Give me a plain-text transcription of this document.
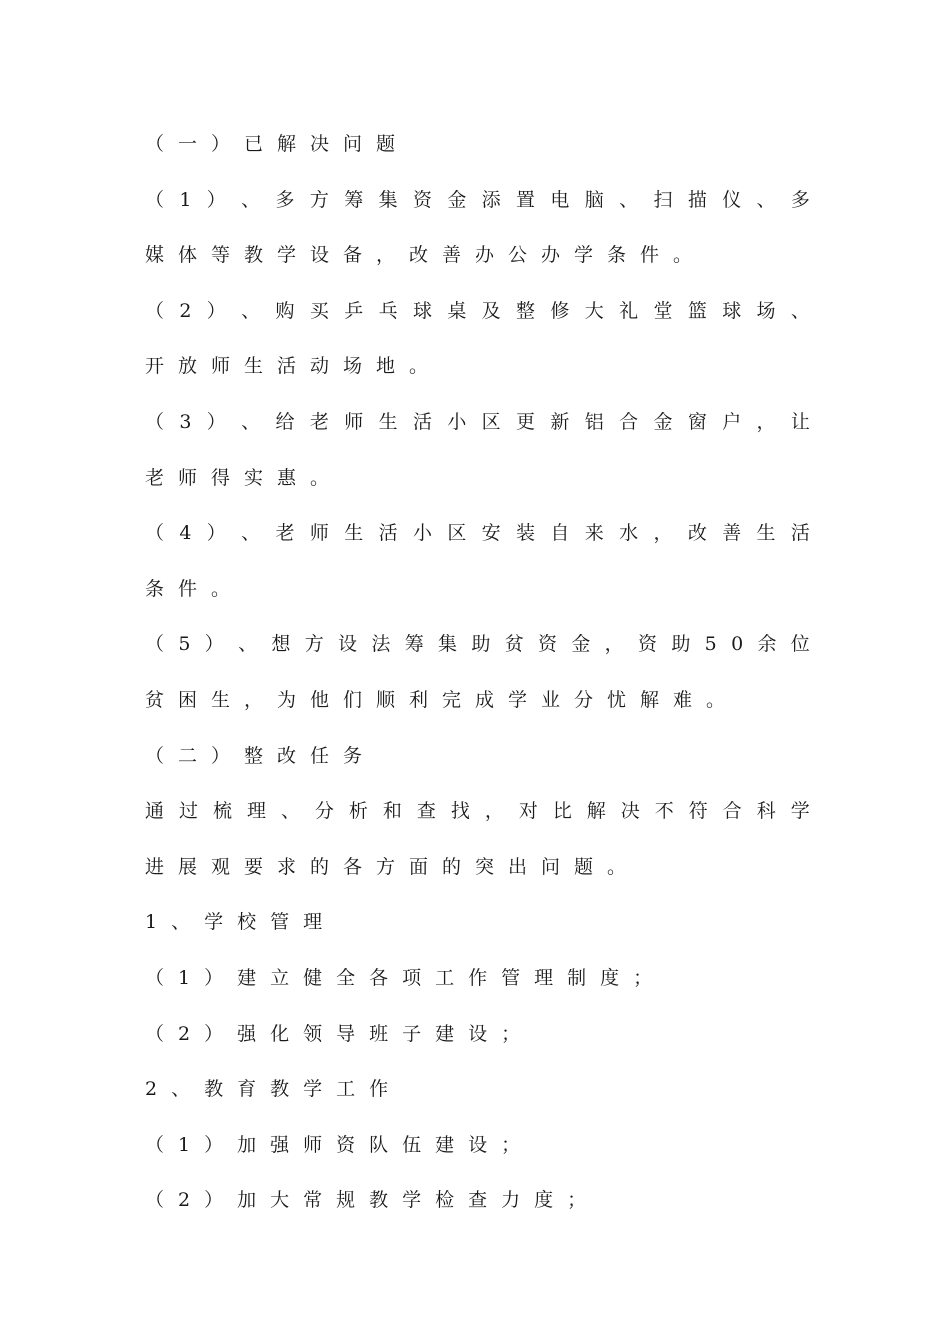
（一）已解决问题
（ 1 ） 、 多 方 筹 集 资 金 添 置 电 脑 、 扫 描 仪 、 多
媒体等教学设备，改善办公办学条件。
（ 2 ） 、 购 买 乒 乓 球 桌 及 整 修 大 礼 堂 篮 球 场 、
开放师生活动场地。
（ 3 ） 、 给 老 师 生 活 小 区 更 新 铝 合 金 窗 户 ， 让
老师得实惠。
（ 4 ） 、 老 师 生 活 小 区 安 装 自 来 水 ， 改 善 生 活
条件。
（ 5 ） 、 想 方 设 法 筹 集 助 贫 资 金 ， 资 助 5 0 余 位
贫困生，为他们顺利完成学业分忧解难。
（二）整改任务
通 过 梳 理 、 分 析 和 查 找 ， 对 比 解 决 不 符 合 科 学
进展观要求的各方面的突出问题。
1、学校管理
（1）建立健全各项工作管理制度；
（2）强化领导班子建设；
2、教育教学工作
（1）加强师资队伍建设；
（2）加大常规教学检查力度；
